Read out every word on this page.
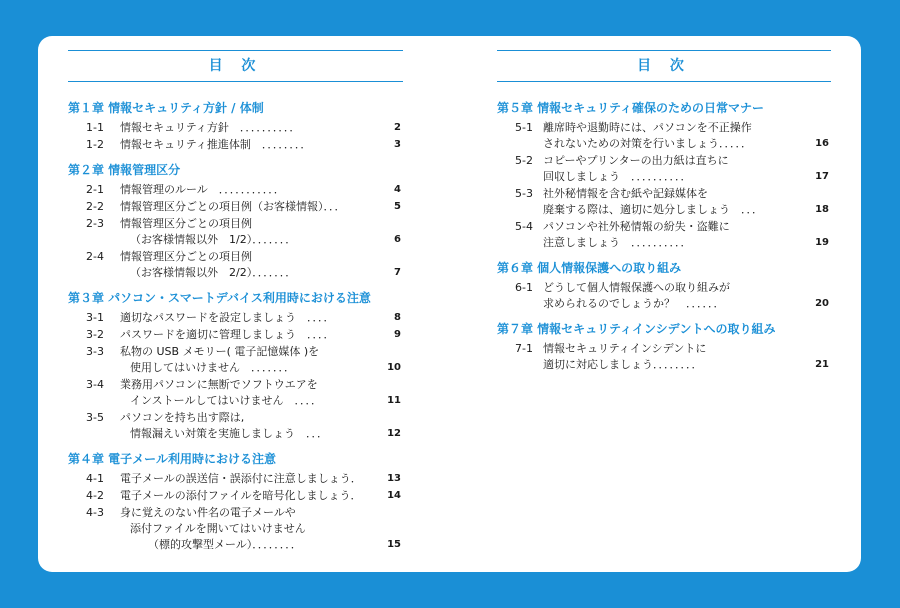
目 次
第１章 情報セキュリティ方針 / 体制
1-1	情報セキュリティ方針　．．．．．．．．．．	2
1-2	情報セキュリティ推進体制　．．．．．．．．	3
第２章 情報管理区分
2-1	情報管理のルール　．．．．．．．．．．．	4
2-2	情報管理区分ごとの項目例（お客様情報）．．．	5
2-3	情報管理区分ごとの項目例
（お客様情報以外　1/2）．．．．．．．	6
2-4	情報管理区分ごとの項目例
（お客様情報以外　2/2）．．．．．．．	7
第３章 パソコン・スマートデバイス利用時における注意
3-1	適切なパスワードを設定しましょう　．．．．	8
3-2	パスワードを適切に管理しましょう　．．．．	9
3-3	私物の USB メモリー( 電子記憶媒体 )を
使用してはいけません　．．．．．．．	10
3-4	業務用パソコンに無断でソフトウエアを
インストールしてはいけません　．．．．	11
3-5	パソコンを持ち出す際は,
情報漏えい対策を実施しましょう　．．．	12
第４章 電子メール利用時における注意
4-1	電子メールの誤送信・誤添付に注意しましょう．	13
4-2	電子メールの添付ファイルを暗号化しましょう．	14
4-3	身に覚えのない件名の電子メールや
添付ファイルを開いてはいけません
（標的攻撃型メール）．．．．．．．．	15
目 次
第５章 情報セキュリティ確保のための日常マナー
5-1 離席時や退勤時には、パソコンを不正操作
されないための対策を行いましょう．．．．．	16
5-2 コピーやプリンターの出力紙は直ちに
回収しましょう　．．．．．．．．．．	17
5-3 社外秘情報を含む紙や記録媒体を
廃棄する際は、適切に処分しましょう　．．．	18
5-4 パソコンや社外秘情報の紛失・盗難に
注意しましょう　．．．．．．．．．．	19
第６章 個人情報保護への取り組み
6-1 どうして個人情報保護への取り組みが
求められるのでしょうか？　．．．．．．	20
第７章 情報セキュリティインシデントへの取り組み
7-1 情報セキュリティインシデントに
適切に対応しましょう．．．．．．．．	21
